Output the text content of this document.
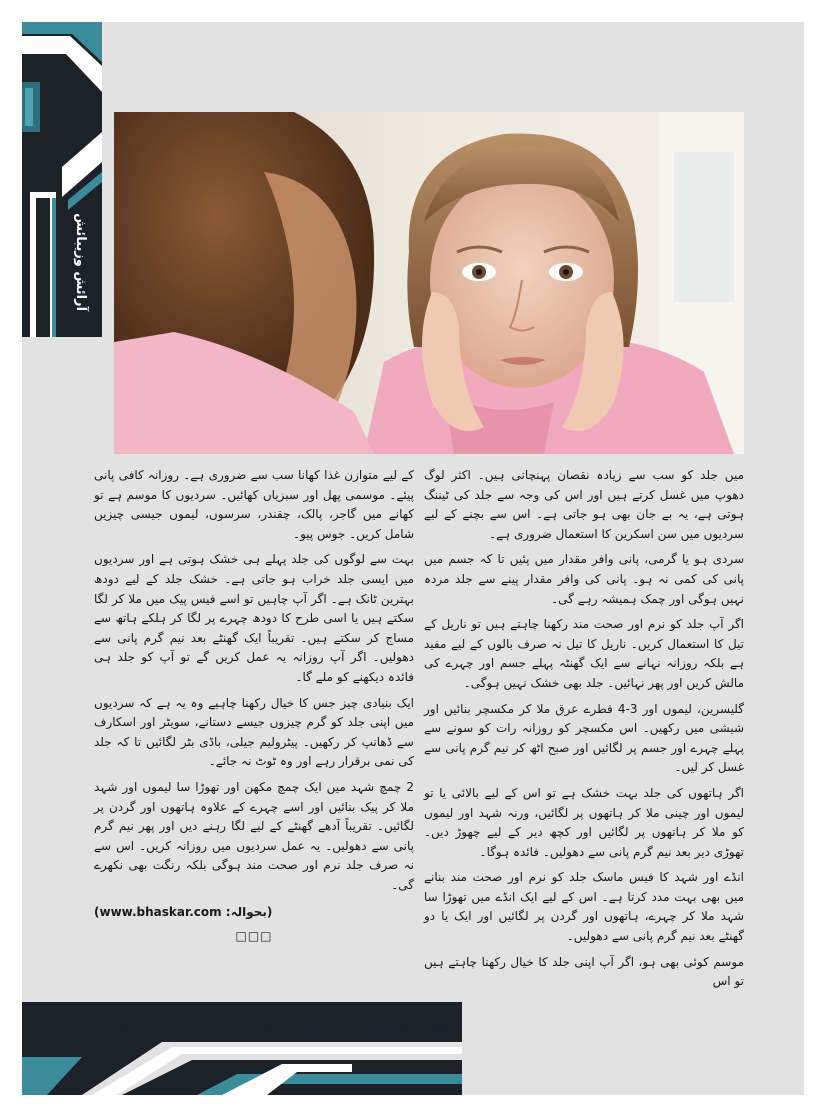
آرائش وزیبائش

میں جلد کو سب سے زیادہ نقصان پہنچاتی ہیں۔ اکثر لوگ دھوپ میں غسل کرتے ہیں اور اس کی وجہ سے جلد کی ٹیننگ ہوتی ہے، یہ بے جان بھی ہو جاتی ہے۔ اس سے بچنے کے لیے سردیوں میں سن اسکرین کا استعمال ضروری ہے۔

سردی ہو یا گرمی، پانی وافر مقدار میں پئیں تا کہ جسم میں پانی کی کمی نہ ہو۔ پانی کی وافر مقدار پینے سے جلد مردہ نہیں ہوگی اور چمک ہمیشہ رہے گی۔

اگر آپ جلد کو نرم اور صحت مند رکھنا چاہتے ہیں تو ناریل کے تیل کا استعمال کریں۔ ناریل کا تیل نہ صرف بالوں کے لیے مفید ہے بلکہ روزانہ نہانے سے ایک گھنٹہ پہلے جسم اور چہرے کی مالش کریں اور پھر نہائیں۔ جلد بھی خشک نہیں ہوگی۔

گلیسرین، لیموں اور 3-4 قطرے عرق ملا کر مکسچر بنائیں اور شیشی میں رکھیں۔ اس مکسچر کو روزانہ رات کو سونے سے پہلے چہرے اور جسم پر لگائیں اور صبح اٹھ کر نیم گرم پانی سے غسل کر لیں۔

اگر ہاتھوں کی جلد بہت خشک ہے تو اس کے لیے بالائی یا تو لیموں اور چینی ملا کر ہاتھوں پر لگائیں، ورنہ شہد اور لیموں کو ملا کر ہاتھوں پر لگائیں اور کچھ دیر کے لیے چھوڑ دیں۔ تھوڑی دیر بعد نیم گرم پانی سے دھولیں۔ فائدہ ہوگا۔

انڈے اور شہد کا فیس ماسک جلد کو نرم اور صحت مند بنانے میں بھی بہت مدد کرتا ہے۔ اس کے لیے ایک انڈے میں تھوڑا سا شہد ملا کر چہرے، ہاتھوں اور گردن پر لگائیں اور ایک یا دو گھنٹے بعد نیم گرم پانی سے دھولیں۔

موسم کوئی بھی ہو، اگر آپ اپنی جلد کا خیال رکھنا چاہتے ہیں تو اس

کے لیے متوازن غذا کھانا سب سے ضروری ہے۔ روزانہ کافی پانی پیئے۔ موسمی پھل اور سبزیاں کھائیں۔ سردیوں کا موسم ہے تو کھانے میں گاجر، پالک، چقندر، سرسوں، لیموں جیسی چیزیں شامل کریں۔ جوس پیو۔

بہت سے لوگوں کی جلد پہلے ہی خشک ہوتی ہے اور سردیوں میں ایسی جلد خراب ہو جاتی ہے۔ خشک جلد کے لیے دودھ بہترین ٹانک ہے۔ اگر آپ چاہیں تو اسے فیس پیک میں ملا کر لگا سکتے ہیں یا اسی طرح کا دودھ چہرے پر لگا کر ہلکے ہاتھ سے مساج کر سکتے ہیں۔ تقریباً ایک گھنٹے بعد نیم گرم پانی سے دھولیں۔ اگر آپ روزانہ یہ عمل کریں گے تو آپ کو جلد ہی فائدہ دیکھنے کو ملے گا۔

ایک بنیادی چیز جس کا خیال رکھنا چاہیے وہ یہ ہے کہ سردیوں میں اپنی جلد کو گرم چیزوں جیسے دستانے، سویٹر اور اسکارف سے ڈھانپ کر رکھیں۔ پیٹرولیم جیلی، باڈی بٹر لگائیں تا کہ جلد کی نمی برقرار رہے اور وہ ٹوٹ نہ جائے۔

2 چمچ شہد میں ایک چمچ مکھن اور تھوڑا سا لیموں اور شہد ملا کر پیک بنائیں اور اسے چہرے کے علاوہ ہاتھوں اور گردن پر لگائیں۔ تقریباً آدھے گھنٹے کے لیے لگا رہنے دیں اور پھر نیم گرم پانی سے دھولیں۔ یہ عمل سردیوں میں روزانہ کریں۔ اس سے نہ صرف جلد نرم اور صحت مند ہوگی بلکہ رنگت بھی نکھرے گی۔

(www.bhaskar.com :بحوالہ)
□□□
61	ماہنامہ خواتین دنیا جنوری 2022
